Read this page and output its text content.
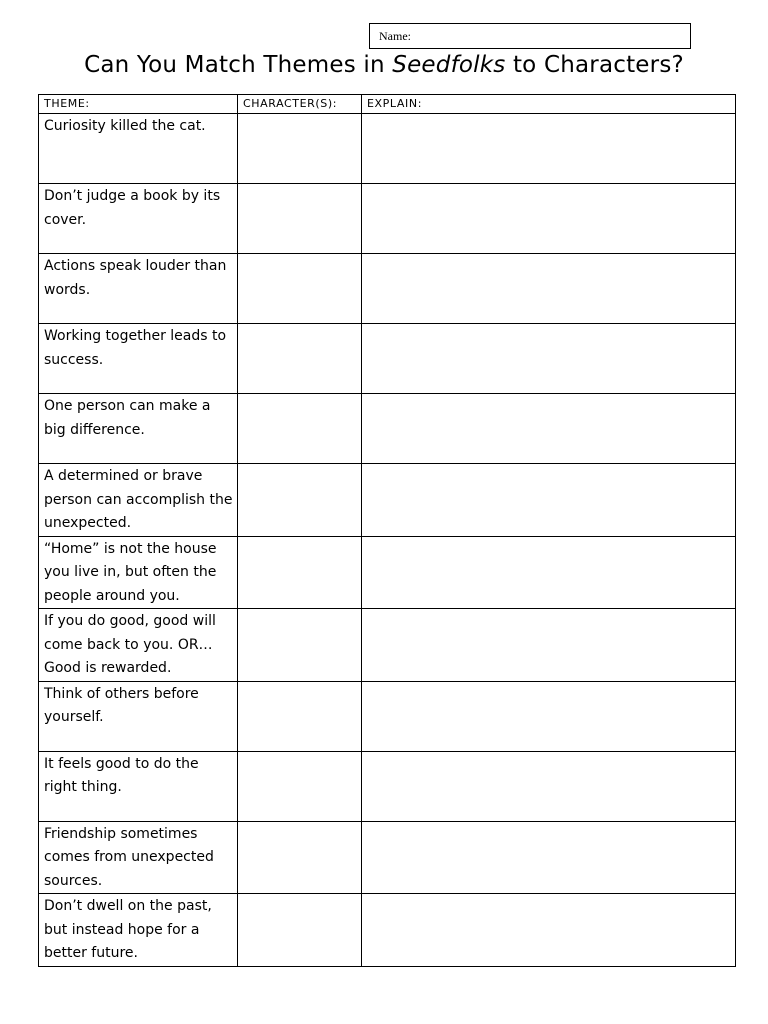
Name:
Can You Match Themes in Seedfolks to Characters?
THEME:	CHARACTER(S):	EXPLAIN:
Curiosity killed the cat.		
Don’t judge a book by its cover.		
Actions speak louder than words.		
Working together leads to success.		
One person can make a big difference.		
A determined or brave person can accomplish the unexpected.		
“Home” is not the house you live in, but often the people around you.		
If you do good, good will come back to you. OR… Good is rewarded.		
Think of others before yourself.		
It feels good to do the right thing.		
Friendship sometimes comes from unexpected sources.		
Don’t dwell on the past, but instead hope for a better future.		
